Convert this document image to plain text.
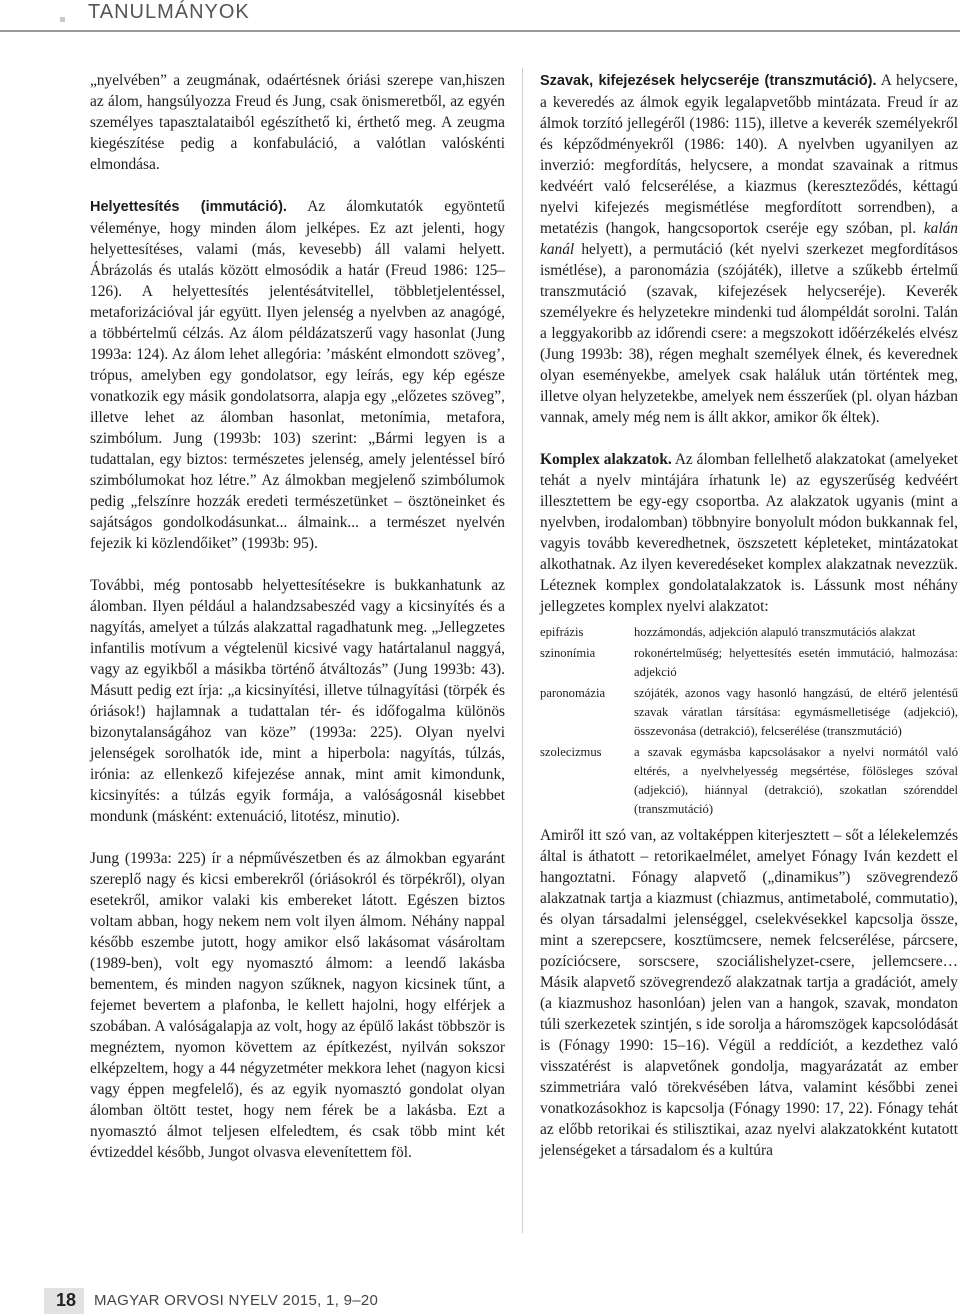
TANULMÁNYOK

„nyelvében” a zeugmának, odaértésnek óriási szerepe van,hiszen az álom, hangsúlyozza Freud és Jung, csak önismeretből, az egyén személyes tapasztalataiból egészíthető ki, érthető meg. A zeugma kiegészítése pedig a konfabuláció, a valótlan valóskénti elmondása.

Helyettesítés (immutáció). Az álomkutatók egyöntetű véleménye, hogy minden álom jelképes. Ez azt jelenti, hogy helyettesítéses, valami (más, kevesebb) áll valami helyett. Ábrázolás és utalás között elmosódik a határ (Freud 1986: 125–126). A helyettesítés jelentésátvitellel, többletjelentéssel, metaforizációval jár együtt. Ilyen jelenség a nyelvben az anagógé, a többértelmű célzás. Az álom példázatszerű vagy hasonlat (Jung 1993a: 124). Az álom lehet allegória: ʼmásként elmondott szövegʼ, trópus, amelyben egy gondolatsor, egy leírás, egy kép egésze vonatkozik egy másik gondolatsorra, alapja egy „előzetes szöveg”, illetve lehet az álomban hasonlat, metonímia, metafora, szimbólum. Jung (1993b: 103) szerint: „Bármi legyen is a tudattalan, egy biztos: természetes jelenség, amely jelentéssel bíró szimbólumokat hoz létre.” Az álmokban megjelenő szimbólumok pedig „felszínre hozzák eredeti természetünket – ösztöneinket és sajátságos gondolkodásunkat... álmaink... a természet nyelvén fejezik ki közlendőiket” (1993b: 95).

További, még pontosabb helyettesítésekre is bukkanhatunk az álomban. Ilyen például a halandzsabeszéd vagy a kicsinyítés és a nagyítás, amelyet a túlzás alakzattal ragadhatunk meg. „Jellegzetes infantilis motívum a végtelenül kicsivé vagy határtalanul naggyá, vagy az egyikből a másikba történő átváltozás” (Jung 1993b: 43). Másutt pedig ezt írja: „a kicsinyítési, illetve túlnagyítási (törpék és óriások!) hajlamnak a tudattalan tér- és időfogalma különös bizonytalanságához van köze” (1993a: 225). Olyan nyelvi jelenségek sorolhatók ide, mint a hiperbola: nagyítás, túlzás, irónia: az ellenkező kifejezése annak, mint amit kimondunk, kicsinyítés: a túlzás egyik formája, a valóságosnál kisebbet mondunk (másként: extenuáció, litotész, minutio).

Jung (1993a: 225) ír a népművészetben és az álmokban egyaránt szereplő nagy és kicsi emberekről (óriásokról és törpékről), olyan esetekről, amikor valaki kis embereket látott. Egészen biztos voltam abban, hogy nekem nem volt ilyen álmom. Néhány nappal később eszembe jutott, hogy amikor első lakásomat vásároltam (1989-ben), volt egy nyomasztó álmom: a leendő lakásba bementem, és minden nagyon szűknek, nagyon kicsinek tűnt, a fejemet bevertem a plafonba, le kellett hajolni, hogy elférjek a szobában. A valóságalapja az volt, hogy az épülő lakást többször is megnéztem, nyomon követtem az építkezést, nyilván sokszor elképzeltem, hogy a 44 négyzetméter mekkora lehet (nagyon kicsi vagy éppen megfelelő), és az egyik nyomasztó gondolat olyan álomban öltött testet, hogy nem férek be a lakásba. Ezt a nyomasztó álmot teljesen elfeledtem, és csak több mint két évtizeddel később, Jungot olvasva elevenítettem föl.

Szavak, kifejezések helycseréje (transzmutáció). A helycsere, a keveredés az álmok egyik legalapvetőbb mintázata. Freud ír az álmok torzító jellegéről (1986: 115), illetve a keverék személyekről és képződményekről (1986: 140). A nyelvben ugyanilyen az inverzió: megfordítás, helycsere, a mondat szavainak a ritmus kedvéért való felcserélése, a kiazmus (kereszteződés, kéttagú nyelvi kifejezés megismétlése megfordított sorrendben), a metatézis (hangok, hangcsoportok cseréje egy szóban, pl. kalán kanál helyett), a permutáció (két nyelvi szerkezet megfordításos ismétlése), a paronomázia (szójáték), illetve a szűkebb értelmű transzmutáció (szavak, kifejezések helycseréje). Keverék személyekre és helyzetekre mindenki tud álompéldát sorolni. Talán a leggyakoribb az időrendi csere: a megszokott időérzékelés elvész (Jung 1993b: 38), régen meghalt személyek élnek, és keverednek olyan eseményekbe, amelyek csak haláluk után történtek meg, illetve olyan helyzetekbe, amelyek nem ésszerűek (pl. olyan házban vannak, amely még nem is állt akkor, amikor ők éltek).

Komplex alakzatok. Az álomban fellelhető alakzatokat (amelyeket tehát a nyelv mintájára írhatunk le) az egyszerűség kedvéért illesztettem be egy-egy csoportba. Az alakzatok ugyanis (mint a nyelvben, irodalomban) többnyire bonyolult módon bukkannak fel, vagyis tovább keveredhetnek, öszszetett képleteket, mintázatokat alkothatnak. Az ilyen keveredéseket komplex alakzatnak nevezzük. Léteznek komplex gondolatalakzatok is. Lássunk most néhány jellegzetes komplex nyelvi alakzatot:

epifrázis	hozzámondás, adjekción alapuló transzmutációs alakzat
szinonímia	rokonértelműség; helyettesítés esetén immutáció, halmozása: adjekció
paronomázia	szójáték, azonos vagy hasonló hangzású, de eltérő jelentésű szavak váratlan társítása: egymásmelletisége (adjekció), összevonása (detrakció), felcserélése (transzmutáció)
szolecizmus	a szavak egymásba kapcsolásakor a nyelvi normától való eltérés, a nyelvhelyesség megsértése, fölösleges szóval (adjekció), hiánnyal (detrakció), szokatlan szórenddel (transzmutáció)

Amiről itt szó van, az voltaképpen kiterjesztett – sőt a lélekelemzés által is áthatott – retorikaelmélet, amelyet Fónagy Iván kezdett el hangoztatni. Fónagy alapvető („dinamikus”) szövegrendező alakzatnak tartja a kiazmust (chiazmus, antimetabolé, commutatio), és olyan társadalmi jelenséggel, cselekvésekkel kapcsolja össze, mint a szerepcsere, kosztümcsere, nemek felcserélése, párcsere, pozíciócsere, sorscsere, szociálishelyzet-csere, jellemcsere… Másik alapvető szövegrendező alakzatnak tartja a gradációt, amely (a kiazmushoz hasonlóan) jelen van a hangok, szavak, mondaton túli szerkezetek szintjén, s ide sorolja a háromszögek kapcsolódását is (Fónagy 1990: 15–16). Végül a reddíciót, a kezdethez való visszatérést is alapvetőnek gondolja, magyarázatát az ember szimmetriára való törekvésében látva, valamint későbbi zenei vonatkozásokhoz is kapcsolja (Fónagy 1990: 17, 22). Fónagy tehát az előbb retorikai és stilisztikai, azaz nyelvi alakzatokként kutatott jelenségeket a társadalom és a kultúra

18 MAGYAR ORVOSI NYELV 2015, 1, 9–20
